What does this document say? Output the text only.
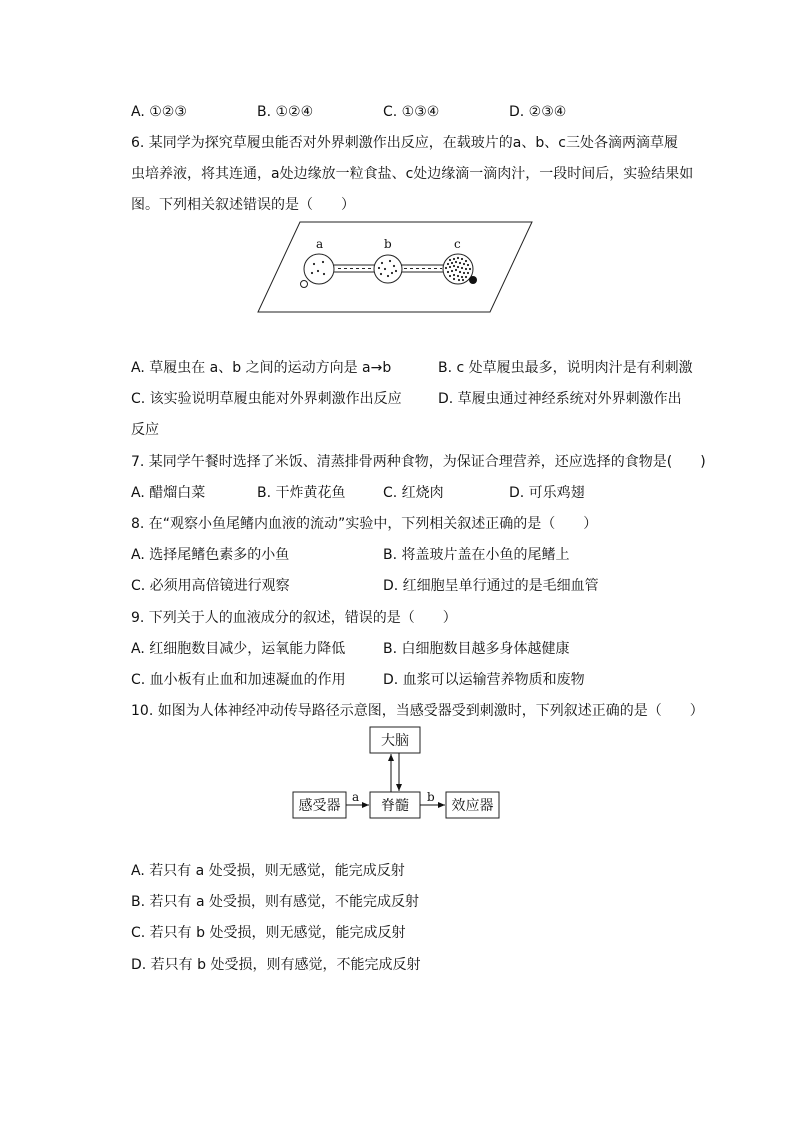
A. ①②③	B. ①②④	C. ①③④	D. ②③④
6. 某同学为探究草履虫能否对外界刺激作出反应，在载玻片的a、b、c三处各滴两滴草履
虫培养液，将其连通，a处边缘放一粒食盐、c处边缘滴一滴肉汁，一段时间后，实验结果如
图。下列相关叙述错误的是（　　）
a	b	c
A. 草履虫在 a、b 之间的运动方向是 a→b	B. c 处草履虫最多，说明肉汁是有利刺激
C. 该实验说明草履虫能对外界刺激作出反应	D. 草履虫通过神经系统对外界刺激作出
反应
7. 某同学午餐时选择了米饭、清蒸排骨两种食物，为保证合理营养，还应选择的食物是(　　)
A. 醋熘白菜	B. 干炸黄花鱼	C. 红烧肉	D. 可乐鸡翅
8. 在“观察小鱼尾鳍内血液的流动”实验中，下列相关叙述正确的是（　　）
A. 选择尾鳍色素多的小鱼	B. 将盖玻片盖在小鱼的尾鳍上
C. 必须用高倍镜进行观察	D. 红细胞呈单行通过的是毛细血管
9. 下列关于人的血液成分的叙述，错误的是（　　）
A. 红细胞数目减少，运氧能力降低	B. 白细胞数目越多身体越健康
C. 血小板有止血和加速凝血的作用	D. 血浆可以运输营养物质和废物
10. 如图为人体神经冲动传导路径示意图，当感受器受到刺激时，下列叙述正确的是（　　）
大脑
感受器	脊髓	效应器
a	b
A. 若只有 a 处受损，则无感觉，能完成反射
B. 若只有 a 处受损，则有感觉，不能完成反射
C. 若只有 b 处受损，则无感觉，能完成反射
D. 若只有 b 处受损，则有感觉，不能完成反射
